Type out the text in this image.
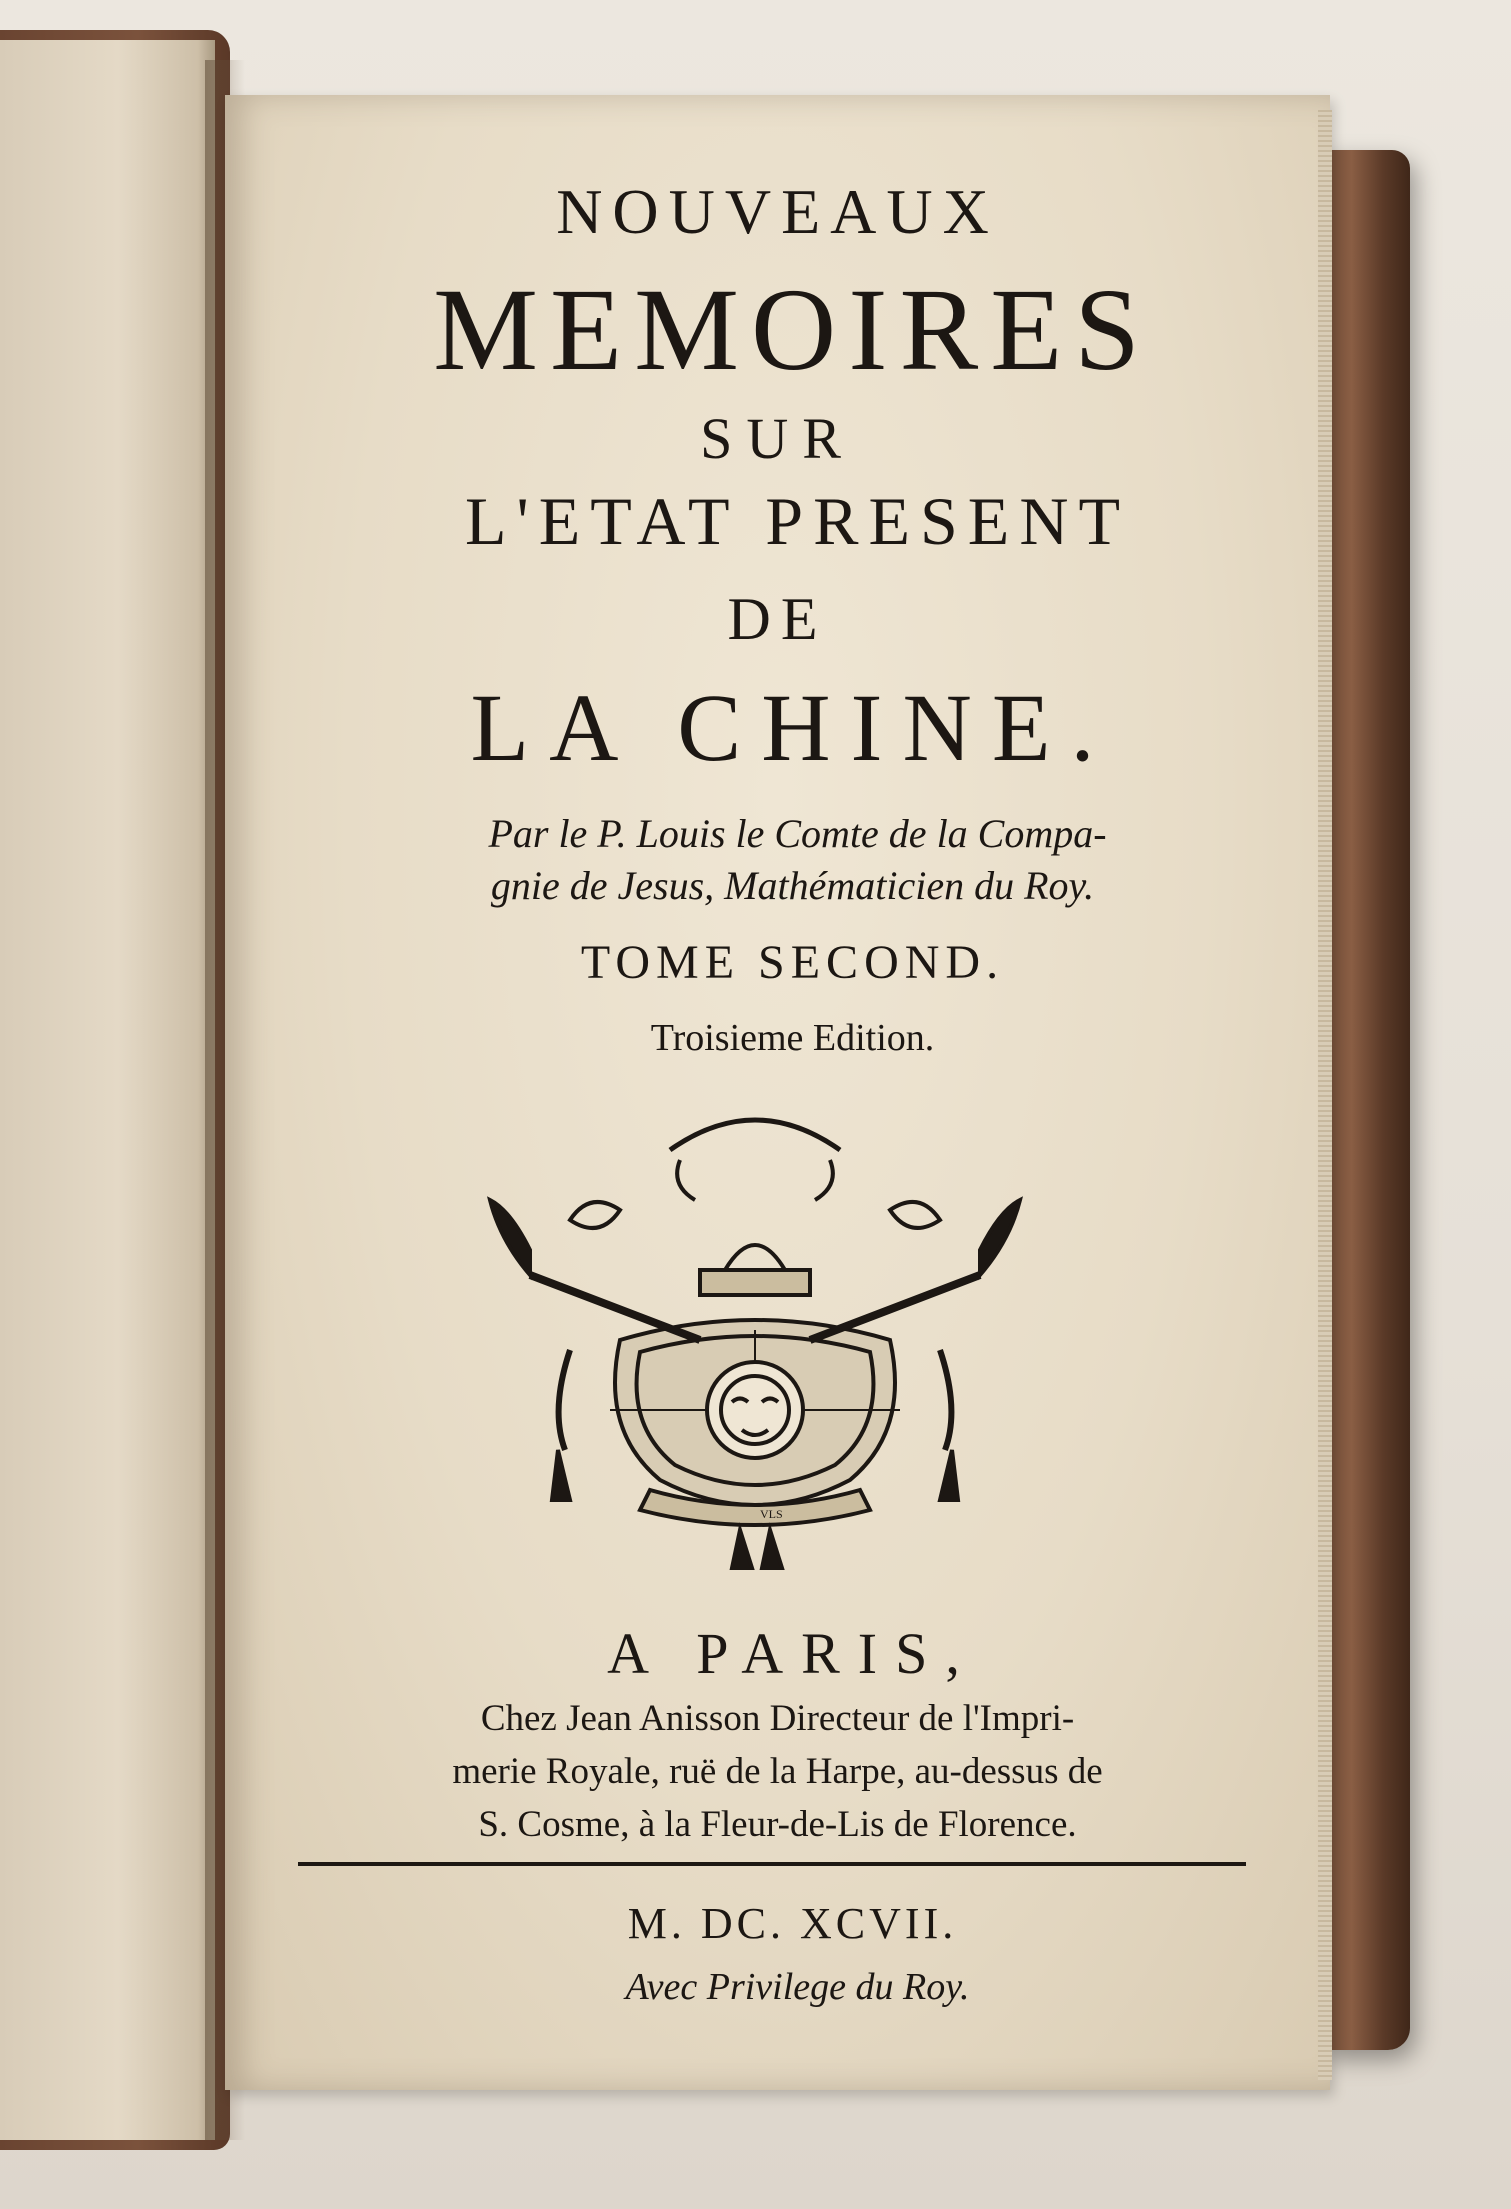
NOUVEAUX
MEMOIRES
SUR
L'ETAT PRESENT
DE
LA CHINE.
Par le P. Louis le Comte de la Compa-
gnie de Jesus, Mathématicien du Roy.
TOME SECOND.
Troisieme Edition.
VLS
A PARIS,
Chez Jean Anisson Directeur de l'Impri-
merie Royale, ruë de la Harpe, au-dessus de
S. Cosme, à la Fleur-de-Lis de Florence.
M. DC. XCVII.
Avec Privilege du Roy.
